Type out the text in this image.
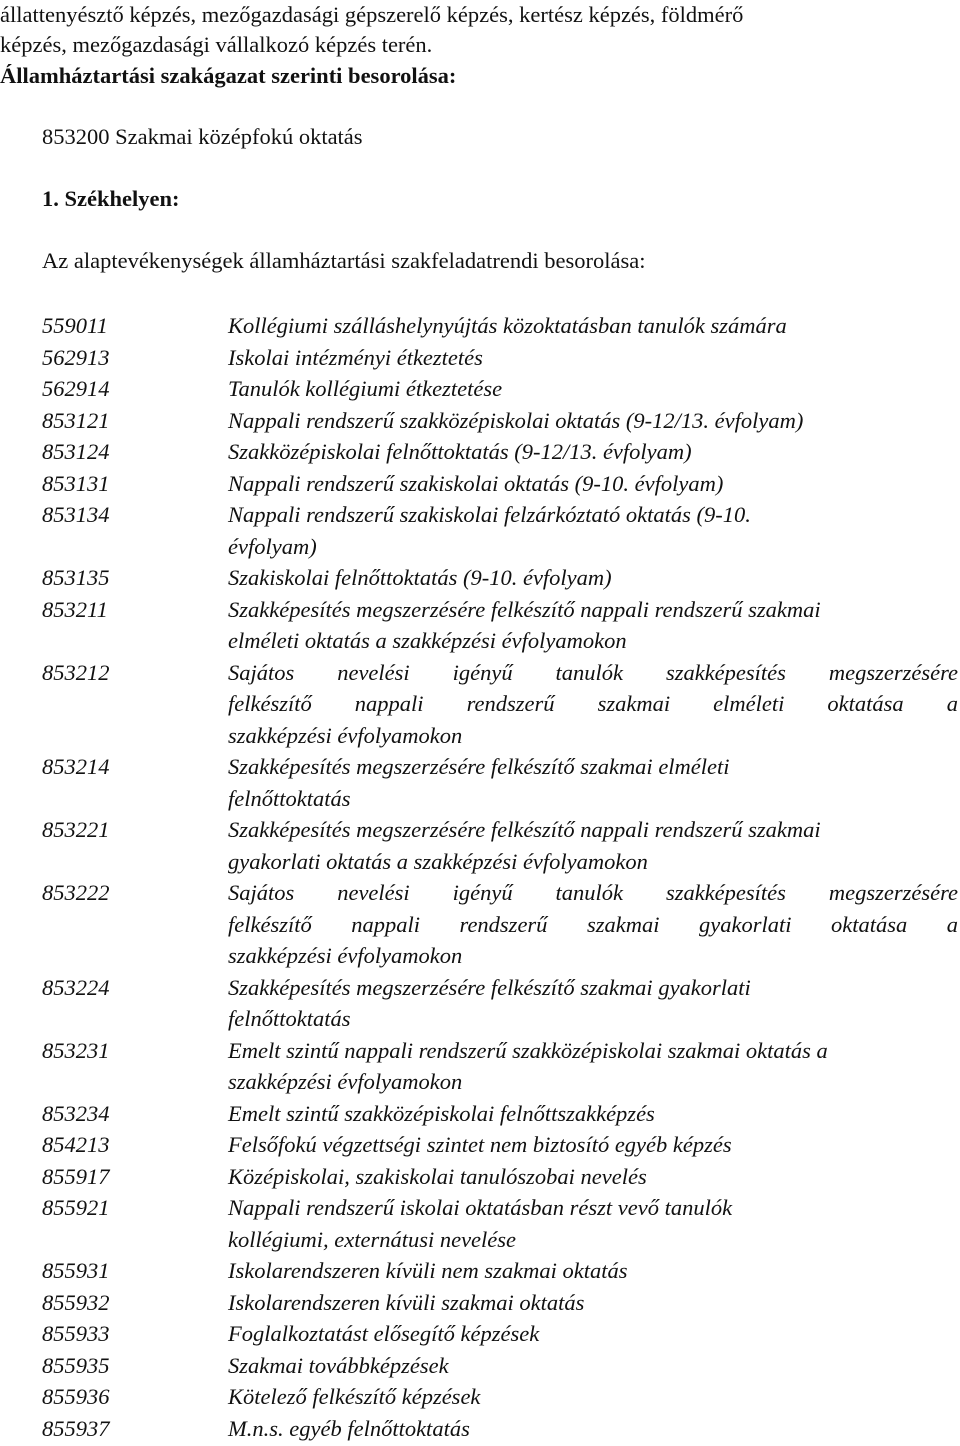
állattenyésztő képzés, mezőgazdasági gépszerelő képzés, kertész képzés, földmérő
képzés, mezőgazdasági vállalkozó képzés terén.
Államháztartási szakágazat szerinti besorolása:
853200 Szakmai középfokú oktatás
1. Székhelyen:
Az alaptevékenységek államháztartási szakfeladatrendi besorolása:
559011	Kollégiumi szálláshelynyújtás közoktatásban tanulók számára
562913	Iskolai intézményi étkeztetés
562914	Tanulók kollégiumi étkeztetése
853121	Nappali rendszerű szakközépiskolai oktatás (9-12/13. évfolyam)
853124	Szakközépiskolai felnőttoktatás (9-12/13. évfolyam)
853131	Nappali rendszerű szakiskolai oktatás (9-10. évfolyam)
853134	Nappali rendszerű szakiskolai felzárkóztató oktatás (9-10.
évfolyam)
853135	Szakiskolai felnőttoktatás (9-10. évfolyam)
853211	Szakképesítés megszerzésére felkészítő nappali rendszerű szakmai
elméleti oktatás a szakképzési évfolyamokon
853212	Sajátos nevelési igényű tanulók szakképesítés megszerzésére
felkészítő nappali rendszerű szakmai elméleti oktatása a
szakképzési évfolyamokon
853214	Szakképesítés megszerzésére felkészítő szakmai elméleti
felnőttoktatás
853221	Szakképesítés megszerzésére felkészítő nappali rendszerű szakmai
gyakorlati oktatás a szakképzési évfolyamokon
853222	Sajátos nevelési igényű tanulók szakképesítés megszerzésére
felkészítő nappali rendszerű szakmai gyakorlati oktatása a
szakképzési évfolyamokon
853224	Szakképesítés megszerzésére felkészítő szakmai gyakorlati
felnőttoktatás
853231	Emelt szintű nappali rendszerű szakközépiskolai szakmai oktatás a
szakképzési évfolyamokon
853234	Emelt szintű szakközépiskolai felnőttszakképzés
854213	Felsőfokú végzettségi szintet nem biztosító egyéb képzés
855917	Középiskolai, szakiskolai tanulószobai nevelés
855921	Nappali rendszerű iskolai oktatásban részt vevő tanulók
kollégiumi, externátusi nevelése
855931	Iskolarendszeren kívüli nem szakmai oktatás
855932	Iskolarendszeren kívüli szakmai oktatás
855933	Foglalkoztatást elősegítő képzések
855935	Szakmai továbbképzések
855936	Kötelező felkészítő képzések
855937	M.n.s. egyéb felnőttoktatás
